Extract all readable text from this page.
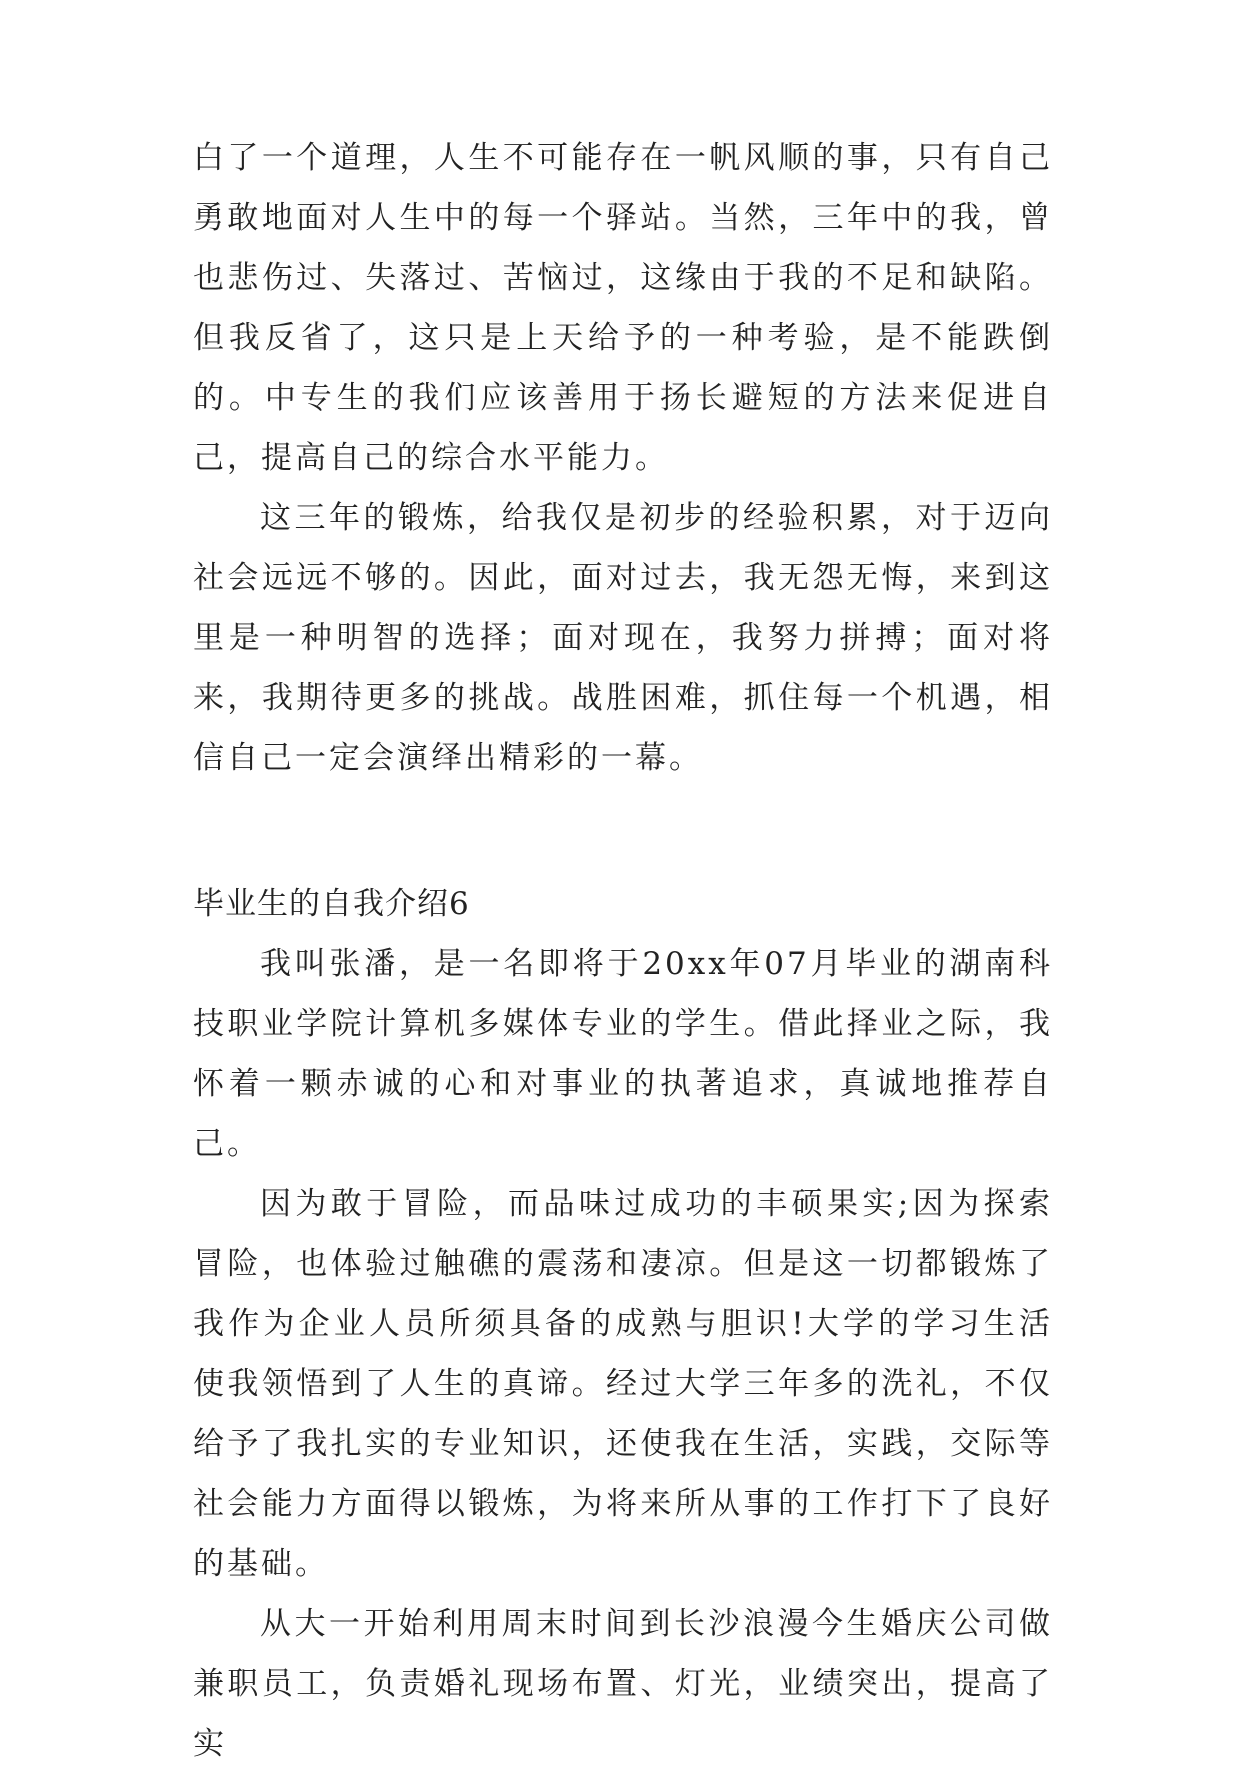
白了一个道理，人生不可能存在一帆风顺的事，只有自己勇敢地面对人生中的每一个驿站。当然，三年中的我，曾也悲伤过、失落过、苦恼过，这缘由于我的不足和缺陷。但我反省了，这只是上天给予的一种考验，是不能跌倒的。中专生的我们应该善用于扬长避短的方法来促进自己，提高自己的综合水平能力。

这三年的锻炼，给我仅是初步的经验积累，对于迈向社会远远不够的。因此，面对过去，我无怨无悔，来到这里是一种明智的选择；面对现在，我努力拼搏；面对将来，我期待更多的挑战。战胜困难，抓住每一个机遇，相信自己一定会演绎出精彩的一幕。

毕业生的自我介绍6

我叫张潘，是一名即将于20xx年07月毕业的湖南科技职业学院计算机多媒体专业的学生。借此择业之际，我怀着一颗赤诚的心和对事业的执著追求，真诚地推荐自己。

因为敢于冒险，而品味过成功的丰硕果实;因为探索冒险，也体验过触礁的震荡和凄凉。但是这一切都锻炼了我作为企业人员所须具备的成熟与胆识!大学的学习生活使我领悟到了人生的真谛。经过大学三年多的洗礼，不仅给予了我扎实的专业知识，还使我在生活，实践，交际等社会能力方面得以锻炼，为将来所从事的工作打下了良好的基础。

从大一开始利用周末时间到长沙浪漫今生婚庆公司做兼职员工，负责婚礼现场布置、灯光，业绩突出，提高了实
